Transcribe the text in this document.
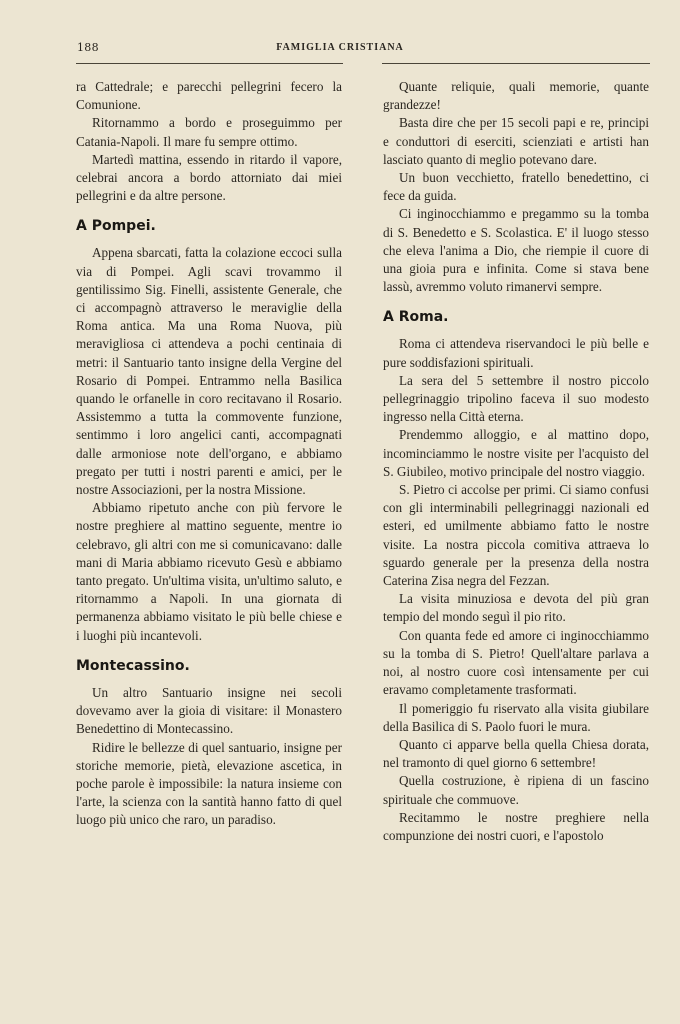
188	FAMIGLIA CRISTIANA

ra Cattedrale; e parecchi pellegrini fecero la Comunione.

Ritornammo a bordo e proseguimmo per Catania-Napoli. Il mare fu sempre ottimo.

Martedì mattina, essendo in ritardo il vapore, celebrai ancora a bordo attorniato dai miei pellegrini e da altre persone.

A Pompei.

Appena sbarcati, fatta la colazione eccoci sulla via di Pompei. Agli scavi trovammo il gentilissimo Sig. Finelli, assistente Generale, che ci accompagnò attraverso le meraviglie della Roma antica. Ma una Roma Nuova, più meravigliosa ci attendeva a pochi centinaia di metri: il Santuario tanto insigne della Vergine del Rosario di Pompei. Entrammo nella Basilica quando le orfanelle in coro recitavano il Rosario. Assistemmo a tutta la commovente funzione, sentimmo i loro angelici canti, accompagnati dalle armoniose note dell'organo, e abbiamo pregato per tutti i nostri parenti e amici, per le nostre Associazioni, per la nostra Missione.

Abbiamo ripetuto anche con più fervore le nostre preghiere al mattino seguente, mentre io celebravo, gli altri con me si comunicavano: dalle mani di Maria abbiamo ricevuto Gesù e abbiamo tanto pregato. Un'ultima visita, un'ultimo saluto, e ritornammo a Napoli. In una giornata di permanenza abbiamo visitato le più belle chiese e i luoghi più incantevoli.

Montecassino.

Un altro Santuario insigne nei secoli dovevamo aver la gioia di visitare: il Monastero Benedettino di Montecassino.

Ridire le bellezze di quel santuario, insigne per storiche memorie, pietà, elevazione ascetica, in poche parole è impossibile: la natura insieme con l'arte, la scienza con la santità hanno fatto di quel luogo più unico che raro, un paradiso.

Quante reliquie, quali memorie, quante grandezze!

Basta dire che per 15 secoli papi e re, principi e conduttori di eserciti, scienziati e artisti han lasciato quanto di meglio potevano dare.

Un buon vecchietto, fratello benedettino, ci fece da guida.

Ci inginocchiammo e pregammo su la tomba di S. Benedetto e S. Scolastica. E' il luogo stesso che eleva l'anima a Dio, che riempie il cuore di una gioia pura e infinita. Come si stava bene lassù, avremmo voluto rimanervi sempre.

A Roma.

Roma ci attendeva riservandoci le più belle e pure soddisfazioni spirituali.

La sera del 5 settembre il nostro piccolo pellegrinaggio tripolino faceva il suo modesto ingresso nella Città eterna.

Prendemmo alloggio, e al mattino dopo, incominciammo le nostre visite per l'acquisto del S. Giubileo, motivo principale del nostro viaggio.

S. Pietro ci accolse per primi. Ci siamo confusi con gli interminabili pellegrinaggi nazionali ed esteri, ed umilmente abbiamo fatto le nostre visite. La nostra piccola comitiva attraeva lo sguardo generale per la presenza della nostra Caterina Zisa negra del Fezzan.

La visita minuziosa e devota del più gran tempio del mondo seguì il pio rito.

Con quanta fede ed amore ci inginocchiammo su la tomba di S. Pietro! Quell'altare parlava a noi, al nostro cuore così intensamente per cui eravamo completamente trasformati.

Il pomeriggio fu riservato alla visita giubilare della Basilica di S. Paolo fuori le mura.

Quanto ci apparve bella quella Chiesa dorata, nel tramonto di quel giorno 6 settembre!

Quella costruzione, è ripiena di un fascino spirituale che commuove.

Recitammo le nostre preghiere nella compunzione dei nostri cuori, e l'apostolo
